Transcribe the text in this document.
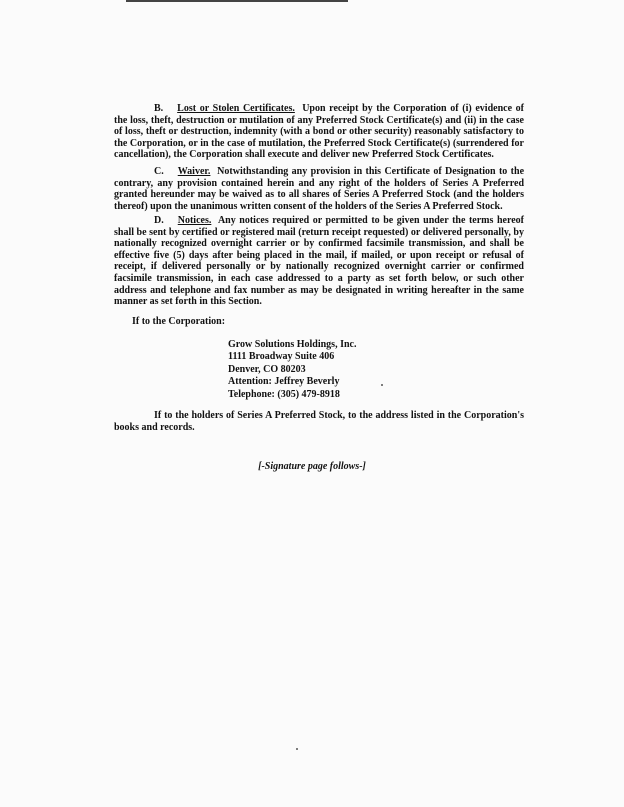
B. Lost or Stolen Certificates. Upon receipt by the Corporation of (i) evidence of the loss, theft, destruction or mutilation of any Preferred Stock Certificate(s) and (ii) in the case of loss, theft or destruction, indemnity (with a bond or other security) reasonably satisfactory to the Corporation, or in the case of mutilation, the Preferred Stock Certificate(s) (surrendered for cancellation), the Corporation shall execute and deliver new Preferred Stock Certificates.

C. Waiver. Notwithstanding any provision in this Certificate of Designation to the contrary, any provision contained herein and any right of the holders of Series A Preferred granted hereunder may be waived as to all shares of Series A Preferred Stock (and the holders thereof) upon the unanimous written consent of the holders of the Series A Preferred Stock.

D. Notices. Any notices required or permitted to be given under the terms hereof shall be sent by certified or registered mail (return receipt requested) or delivered personally, by nationally recognized overnight carrier or by confirmed facsimile transmission, and shall be effective five (5) days after being placed in the mail, if mailed, or upon receipt or refusal of receipt, if delivered personally or by nationally recognized overnight carrier or confirmed facsimile transmission, in each case addressed to a party as set forth below, or such other address and telephone and fax number as may be designated in writing hereafter in the same manner as set forth in this Section.

If to the Corporation:
Grow Solutions Holdings, Inc.
1111 Broadway Suite 406
Denver, CO 80203
Attention: Jeffrey Beverly
Telephone: (305) 479-8918

If to the holders of Series A Preferred Stock, to the address listed in the Corporation's books and records.

[-Signature page follows-]
